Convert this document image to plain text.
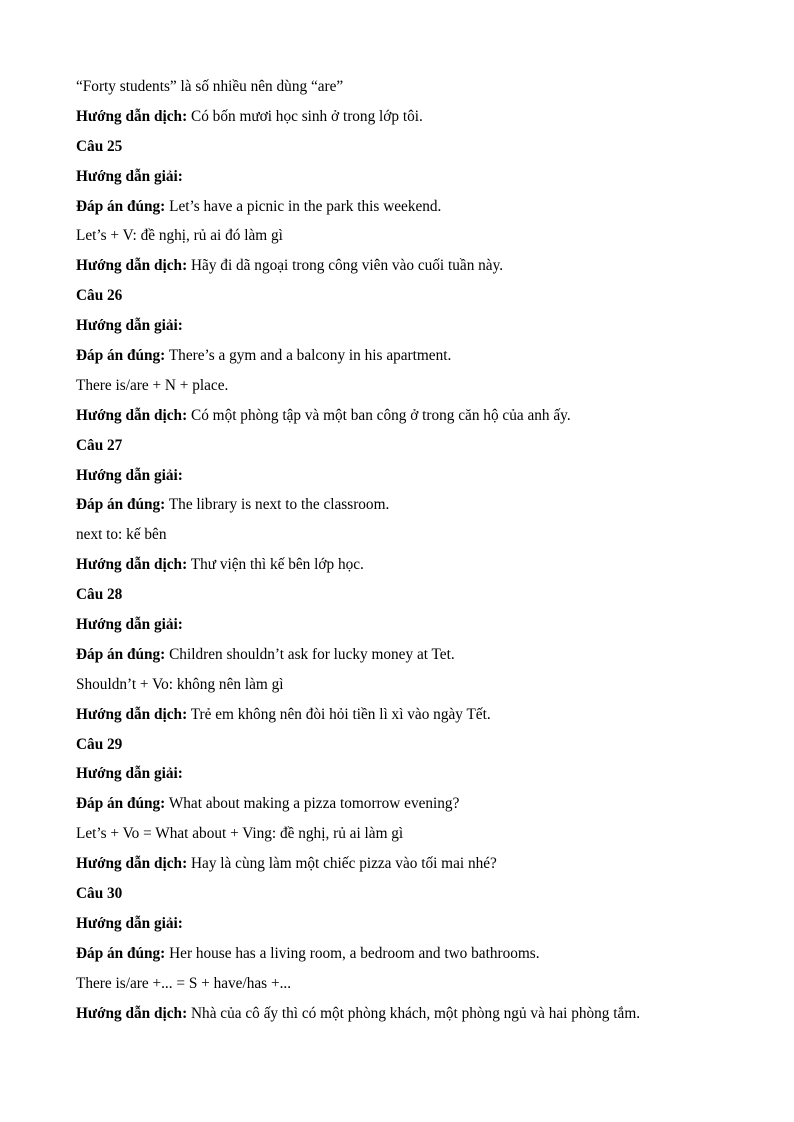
“Forty students” là số nhiều nên dùng “are”
Hướng dẫn dịch: Có bốn mươi học sinh ở trong lớp tôi.
Câu 25
Hướng dẫn giải:
Đáp án đúng: Let’s have a picnic in the park this weekend.
Let’s + V: đề nghị, rủ ai đó làm gì
Hướng dẫn dịch: Hãy đi dã ngoại trong công viên vào cuối tuần này.
Câu 26
Hướng dẫn giải:
Đáp án đúng: There’s a gym and a balcony in his apartment.
There is/are + N + place.
Hướng dẫn dịch: Có một phòng tập và một ban công ở trong căn hộ của anh ấy.
Câu 27
Hướng dẫn giải:
Đáp án đúng: The library is next to the classroom.
next to: kế bên
Hướng dẫn dịch: Thư viện thì kế bên lớp học.
Câu 28
Hướng dẫn giải:
Đáp án đúng: Children shouldn’t ask for lucky money at Tet.
Shouldn’t + Vo: không nên làm gì
Hướng dẫn dịch: Trẻ em không nên đòi hỏi tiền lì xì vào ngày Tết.
Câu 29
Hướng dẫn giải:
Đáp án đúng: What about making a pizza tomorrow evening?
Let’s + Vo = What about + Ving: đề nghị, rủ ai làm gì
Hướng dẫn dịch: Hay là cùng làm một chiếc pizza vào tối mai nhé?
Câu 30
Hướng dẫn giải:
Đáp án đúng: Her house has a living room, a bedroom and two bathrooms.
There is/are +... = S + have/has +...
Hướng dẫn dịch: Nhà của cô ấy thì có một phòng khách, một phòng ngủ và hai phòng tắm.
